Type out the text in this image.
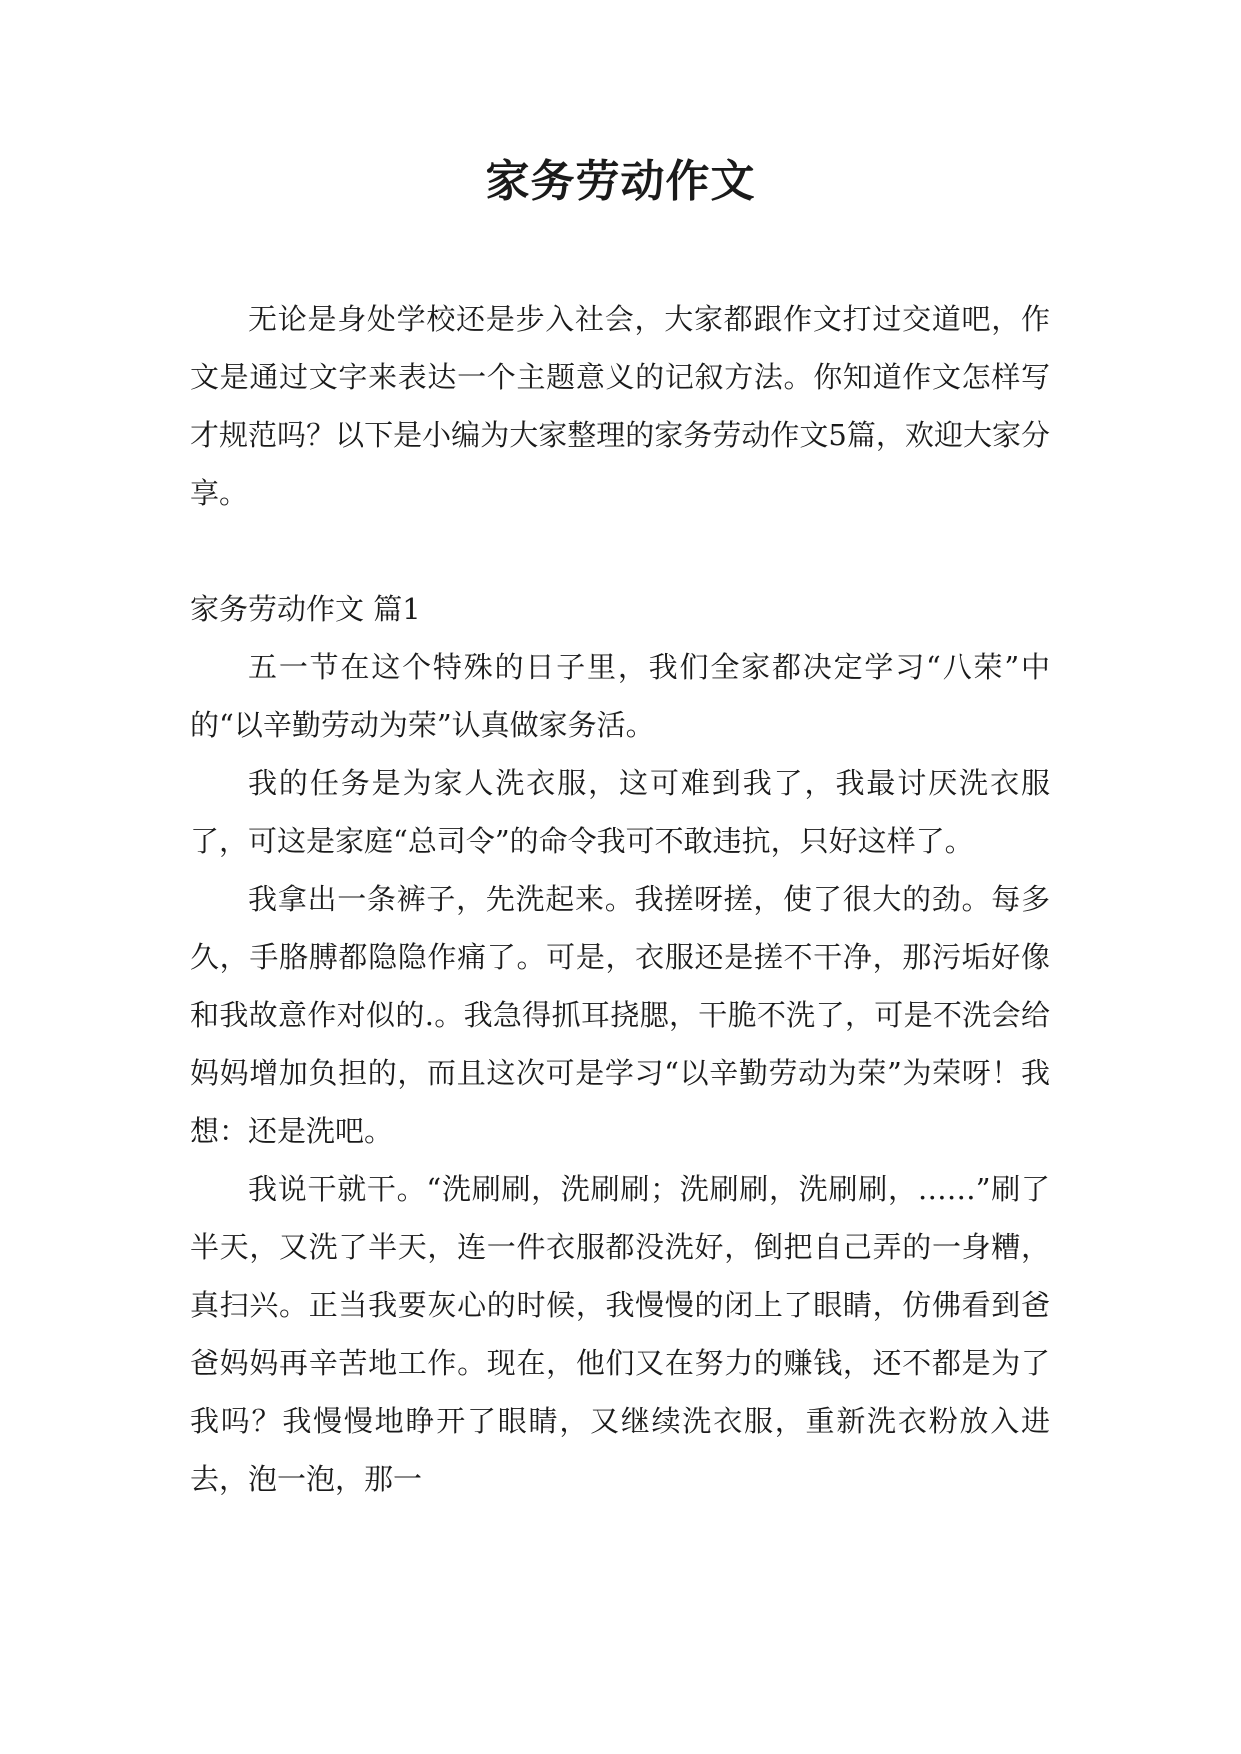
家务劳动作文

无论是身处学校还是步入社会，大家都跟作文打过交道吧，作文是通过文字来表达一个主题意义的记叙方法。你知道作文怎样写才规范吗？以下是小编为大家整理的家务劳动作文5篇，欢迎大家分享。

家务劳动作文 篇1

五一节在这个特殊的日子里，我们全家都决定学习“八荣”中的“以辛勤劳动为荣”认真做家务活。

我的任务是为家人洗衣服，这可难到我了，我最讨厌洗衣服了，可这是家庭“总司令”的命令我可不敢违抗，只好这样了。

我拿出一条裤子，先洗起来。我搓呀搓，使了很大的劲。每多久，手胳膊都隐隐作痛了。可是，衣服还是搓不干净，那污垢好像和我故意作对似的.。我急得抓耳挠腮，干脆不洗了，可是不洗会给妈妈增加负担的，而且这次可是学习“以辛勤劳动为荣”为荣呀！我想：还是洗吧。

我说干就干。“洗刷刷，洗刷刷；洗刷刷，洗刷刷，……”刷了半天，又洗了半天，连一件衣服都没洗好，倒把自己弄的一身糟，真扫兴。正当我要灰心的时候，我慢慢的闭上了眼睛，仿佛看到爸爸妈妈再辛苦地工作。现在，他们又在努力的赚钱，还不都是为了我吗？我慢慢地睁开了眼睛，又继续洗衣服，重新洗衣粉放入进去，泡一泡，那一
